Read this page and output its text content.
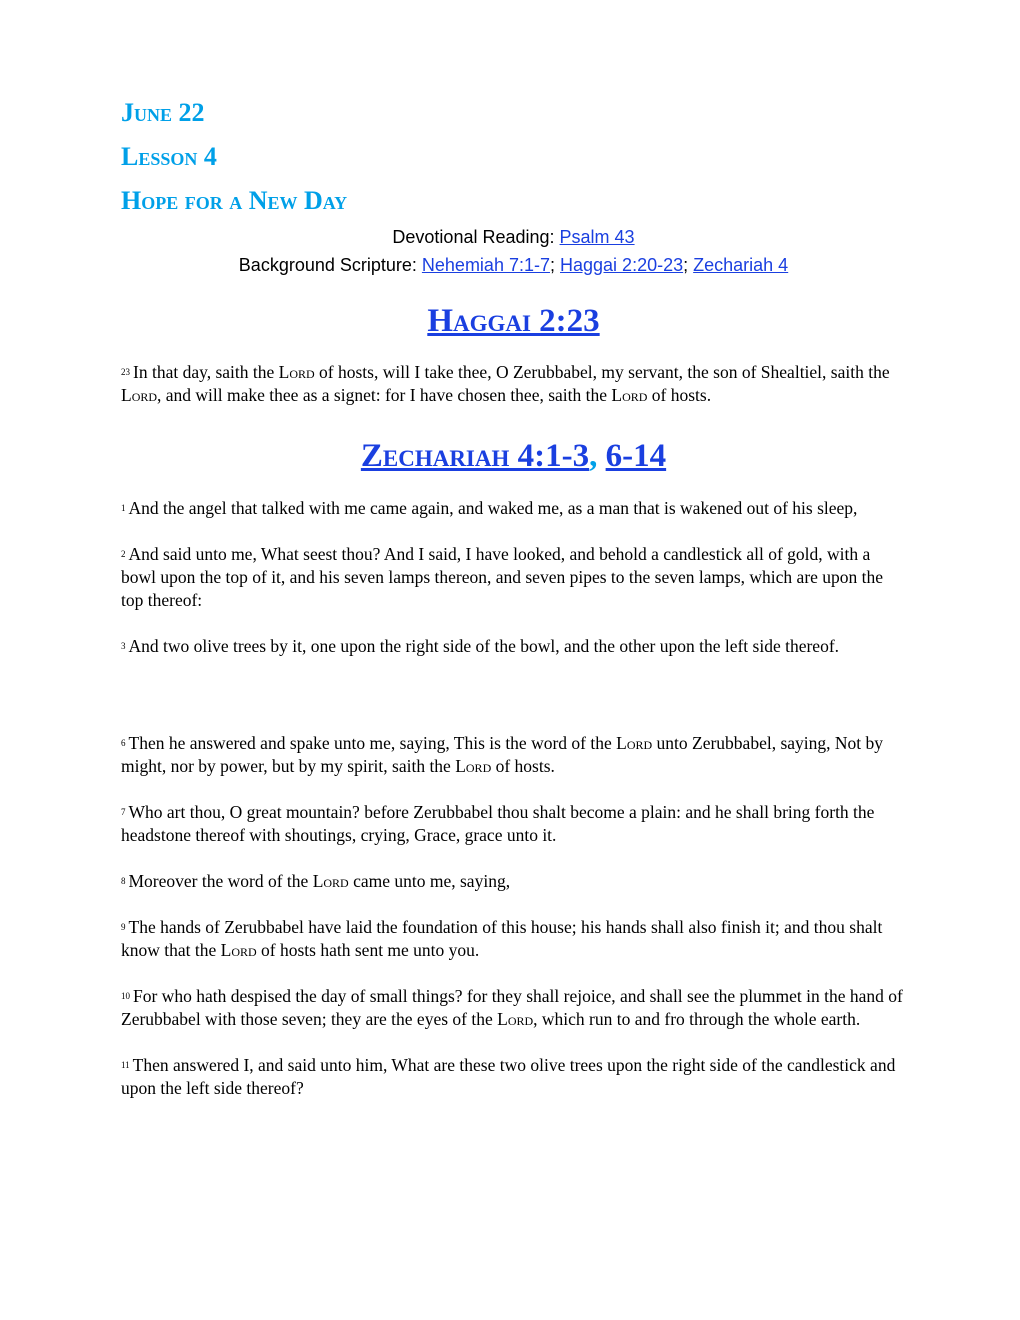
June 22

Lesson 4

Hope for a New Day

Devotional Reading: Psalm 43

Background Scripture: Nehemiah 7:1-7; Haggai 2:20-23; Zechariah 4

Haggai 2:23

23 In that day, saith the Lord of hosts, will I take thee, O Zerubbabel, my servant, the son of Shealtiel, saith the Lord, and will make thee as a signet: for I have chosen thee, saith the Lord of hosts.

Zechariah 4:1-3, 6-14

1 And the angel that talked with me came again, and waked me, as a man that is wakened out of his sleep,

2 And said unto me, What seest thou? And I said, I have looked, and behold a candlestick all of gold, with a bowl upon the top of it, and his seven lamps thereon, and seven pipes to the seven lamps, which are upon the top thereof:

3 And two olive trees by it, one upon the right side of the bowl, and the other upon the left side thereof.

6 Then he answered and spake unto me, saying, This is the word of the Lord unto Zerubbabel, saying, Not by might, nor by power, but by my spirit, saith the Lord of hosts.

7 Who art thou, O great mountain? before Zerubbabel thou shalt become a plain: and he shall bring forth the headstone thereof with shoutings, crying, Grace, grace unto it.

8 Moreover the word of the Lord came unto me, saying,

9 The hands of Zerubbabel have laid the foundation of this house; his hands shall also finish it; and thou shalt know that the Lord of hosts hath sent me unto you.

10 For who hath despised the day of small things? for they shall rejoice, and shall see the plummet in the hand of Zerubbabel with those seven; they are the eyes of the Lord, which run to and fro through the whole earth.

11 Then answered I, and said unto him, What are these two olive trees upon the right side of the candlestick and upon the left side thereof?
